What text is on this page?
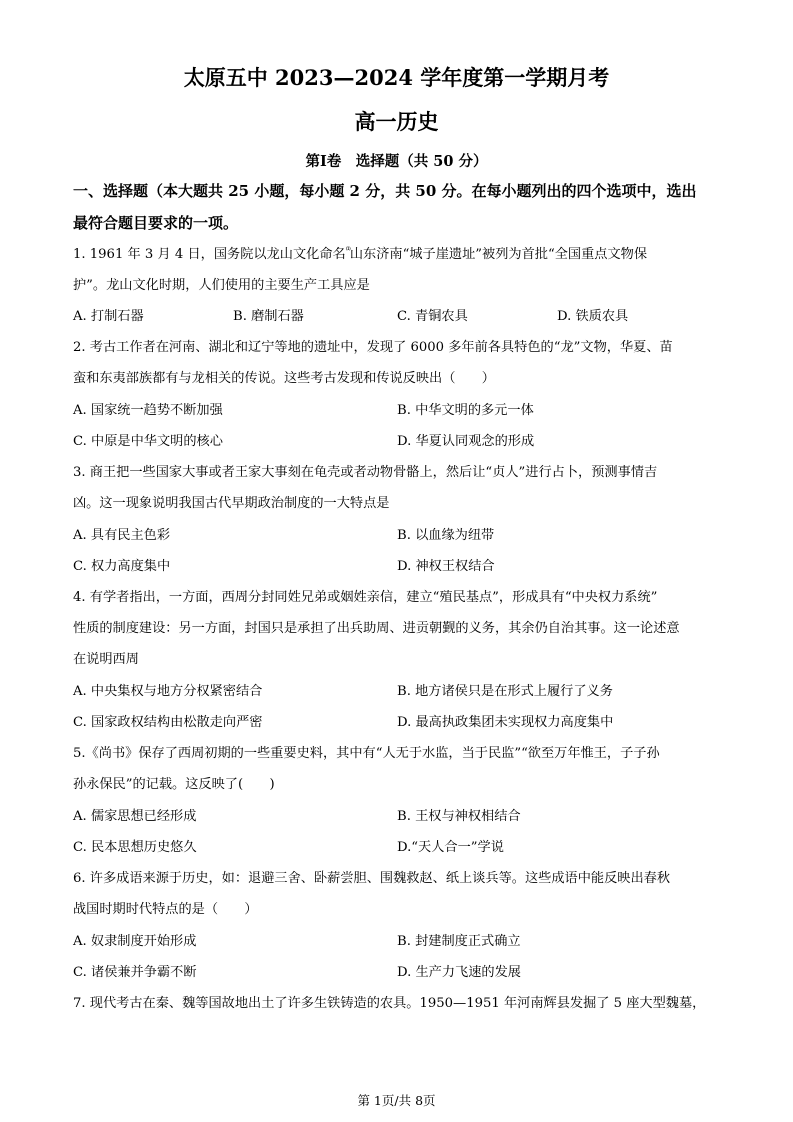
太原五中 2023—2024 学年度第一学期月考
高一历史
第Ⅰ卷　选择题（共 50 分）
一、选择题（本大题共 25 小题，每小题 2 分，共 50 分。在每小题列出的四个选项中，选出
最符合题目要求的一项。
1. 1961 年 3 月 4 日，国务院以龙山文化命名$^{^{(1)}}$山东济南“城子崖遗址”被列为首批“全国重点文物保
护”。龙山文化时期，人们使用的主要生产工具应是
A. 打制石器	B. 磨制石器	C. 青铜农具	D. 铁质农具
2. 考古工作者在河南、湖北和辽宁等地的遗址中，发现了 6000 多年前各具特色的“龙”文物，华夏、苗
蛮和东夷部族都有与龙相关的传说。这些考古发现和传说反映出（　　）
A. 国家统一趋势不断加强	B. 中华文明的多元一体
C. 中原是中华文明的核心	D. 华夏认同观念的形成
3. 商王把一些国家大事或者王家大事刻在龟壳或者动物骨骼上，然后让“贞人”进行占卜，预测事情吉
凶。这一现象说明我国古代早期政治制度的一大特点是
A. 具有民主色彩	B. 以血缘为纽带
C. 权力高度集中	D. 神权王权结合
4. 有学者指出，一方面，西周分封同姓兄弟或姻姓亲信，建立“殖民基点”，形成具有“中央权力系统”
性质的制度建设：另一方面，封国只是承担了出兵助周、进贡朝觐的义务，其余仍自治其事。这一论述意
在说明西周
A. 中央集权与地方分权紧密结合	B. 地方诸侯只是在形式上履行了义务
C. 国家政权结构由松散走向严密	D. 最高执政集团未实现权力高度集中
5.《尚书》保存了西周初期的一些重要史料，其中有“人无于水监，当于民监”“欲至万年惟王，子子孙
孙永保民”的记载。这反映了(　　)
A. 儒家思想已经形成	B. 王权与神权相结合
C. 民本思想历史悠久	D.“天人合一”学说
6. 许多成语来源于历史，如：退避三舍、卧薪尝胆、围魏救赵、纸上谈兵等。这些成语中能反映出春秋
战国时期时代特点的是（　　）
A. 奴隶制度开始形成	B. 封建制度正式确立
C. 诸侯兼并争霸不断	D. 生产力飞速的发展
7. 现代考古在秦、魏等国故地出土了许多生铁铸造的农具。1950—1951 年河南辉县发掘了 5 座大型魏墓，
第 1页/共 8页
